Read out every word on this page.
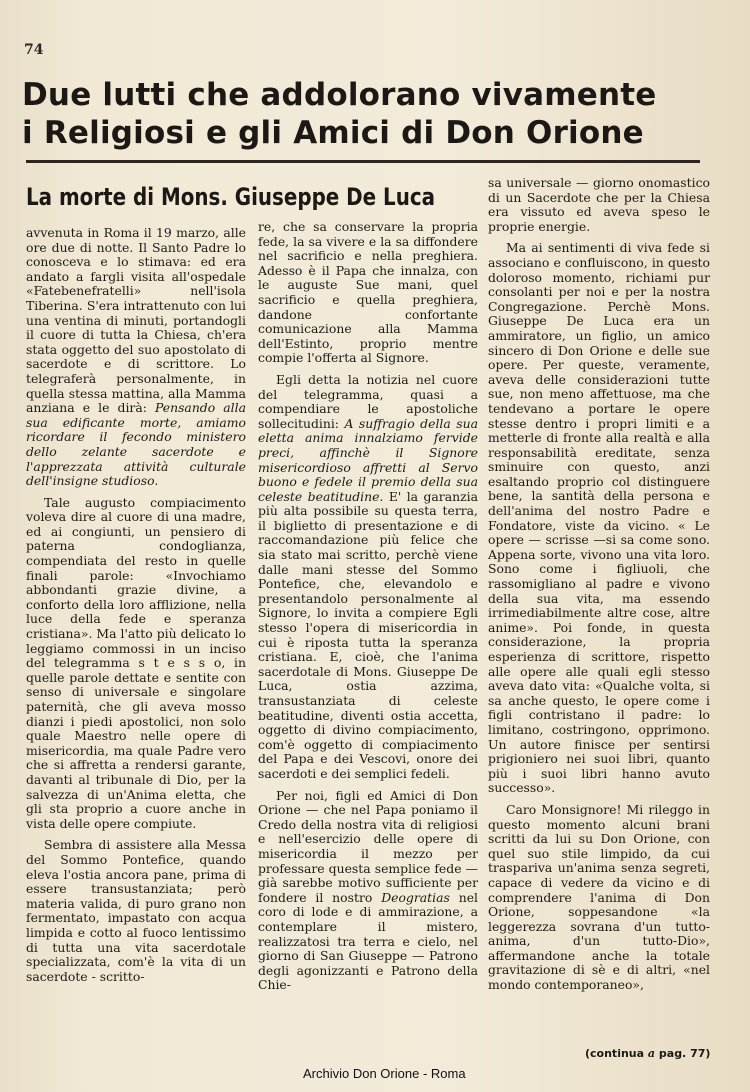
74
Due lutti che addolorano vivamente
i Religiosi e gli Amici di Don Orione
La morte di Mons. Giuseppe De Luca

avvenuta in Roma il 19 marzo, alle ore due di notte. Il Santo Padre lo conosceva e lo stimava: ed era andato a fargli visita all'ospedale «Fatebenefratelli» nell'isola Tiberina. S'era intrattenuto con lui una ventina di minuti, portandogli il cuore di tutta la Chiesa, ch'era stata oggetto del suo apostolato di sacerdote e di scrittore. Lo telegraferà personalmente, in quella stessa mattina, alla Mamma anziana e le dirà: Pensando alla sua edificante morte, amiamo ricordare il fecondo ministero dello zelante sacerdote e l'apprezzata attività culturale dell'insigne studioso.

Tale augusto compiacimento voleva dire al cuore di una madre, ed ai congiunti, un pensiero di paterna condoglianza, compendiata del resto in quelle finali parole: «Invochiamo abbondanti grazie divine, a conforto della loro afflizione, nella luce della fede e speranza cristiana». Ma l'atto più delicato lo leggiamo commossi in un inciso del telegramma s t e s s o, in quelle parole dettate e sentite con senso di universale e singolare paternità, che gli aveva mosso dianzi i piedi apostolici, non solo quale Maestro nelle opere di misericordia, ma quale Padre vero che si affretta a rendersi garante, davanti al tribunale di Dio, per la salvezza di un'Anima eletta, che gli sta proprio a cuore anche in vista delle opere compiute.

Sembra di assistere alla Messa del Sommo Pontefice, quando eleva l'ostia ancora pane, prima di essere transustanziata; però materia valida, di puro grano non fermentato, impastato con acqua limpida e cotto al fuoco lentissimo di tutta una vita sacerdotale specializzata, com'è la vita di un sacerdote - scritto-

re, che sa conservare la propria fede, la sa vivere e la sa diffondere nel sacrificio e nella preghiera. Adesso è il Papa che innalza, con le auguste Sue mani, quel sacrificio e quella preghiera, dandone confortante comunicazione alla Mamma dell'Estinto, proprio mentre compie l'offerta al Signore.

Egli detta la notizia nel cuore del telegramma, quasi a compendiare le apostoliche sollecitudini: A suffragio della sua eletta anima innalziamo fervide preci, affinchè il Signore misericordioso affretti al Servo buono e fedele il premio della sua celeste beatitudine. E' la garanzia più alta possibile su questa terra, il biglietto di presentazione e di raccomandazione più felice che sia stato mai scritto, perchè viene dalle mani stesse del Sommo Pontefice, che, elevandolo e presentandolo personalmente al Signore, lo invita a compiere Egli stesso l'opera di misericordia in cui è riposta tutta la speranza cristiana. E, cioè, che l'anima sacerdotale di Mons. Giuseppe De Luca, ostia azzima, transustanziata di celeste beatitudine, diventi ostia accetta, oggetto di divino compiacimento, com'è oggetto di compiacimento del Papa e dei Vescovi, onore dei sacerdoti e dei semplici fedeli.

Per noi, figli ed Amici di Don Orione — che nel Papa poniamo il Credo della nostra vita di religiosi e nell'esercizio delle opere di misericordia il mezzo per professare questa semplice fede — già sarebbe motivo sufficiente per fondere il nostro Deogratias nel coro di lode e di ammirazione, a contemplare il mistero, realizzatosi tra terra e cielo, nel giorno di San Giuseppe — Patrono degli agonizzanti e Patrono della Chie-

sa universale — giorno onomastico di un Sacerdote che per la Chiesa era vissuto ed aveva speso le proprie energie.

Ma ai sentimenti di viva fede si associano e confluiscono, in questo doloroso momento, richiami pur consolanti per noi e per la nostra Congregazione. Perchè Mons. Giuseppe De Luca era un ammiratore, un figlio, un amico sincero di Don Orione e delle sue opere. Per queste, veramente, aveva delle considerazioni tutte sue, non meno affettuose, ma che tendevano a portare le opere stesse dentro i propri limiti e a metterle di fronte alla realtà e alla responsabilità ereditate, senza sminuire con questo, anzi esaltando proprio col distinguere bene, la santità della persona e dell'anima del nostro Padre e Fondatore, viste da vicino. « Le opere — scrisse —si sa come sono. Appena sorte, vivono una vita loro. Sono come i figliuoli, che rassomigliano al padre e vivono della sua vita, ma essendo irrimediabilmente altre cose, altre anime». Poi fonde, in questa considerazione, la propria esperienza di scrittore, rispetto alle opere alle quali egli stesso aveva dato vita: «Qualche volta, si sa anche questo, le opere come i figli contristano il padre: lo limitano, costringono, opprimono. Un autore finisce per sentirsi prigioniero nei suoi libri, quanto più i suoi libri hanno avuto successo».

Caro Monsignore! Mi rileggo in questo momento alcuni brani scritti da lui su Don Orione, con quel suo stile limpido, da cui traspariva un'anima senza segreti, capace di vedere da vicino e di comprendere l'anima di Don Orione, soppesandone «la leggerezza sovrana d'un tutto-anima, d'un tutto-Dio», affermandone anche la totale gravitazione di sè e di altri, «nel mondo contemporaneo»,

(continua a pag. 77)
Archivio Don Orione - Roma
